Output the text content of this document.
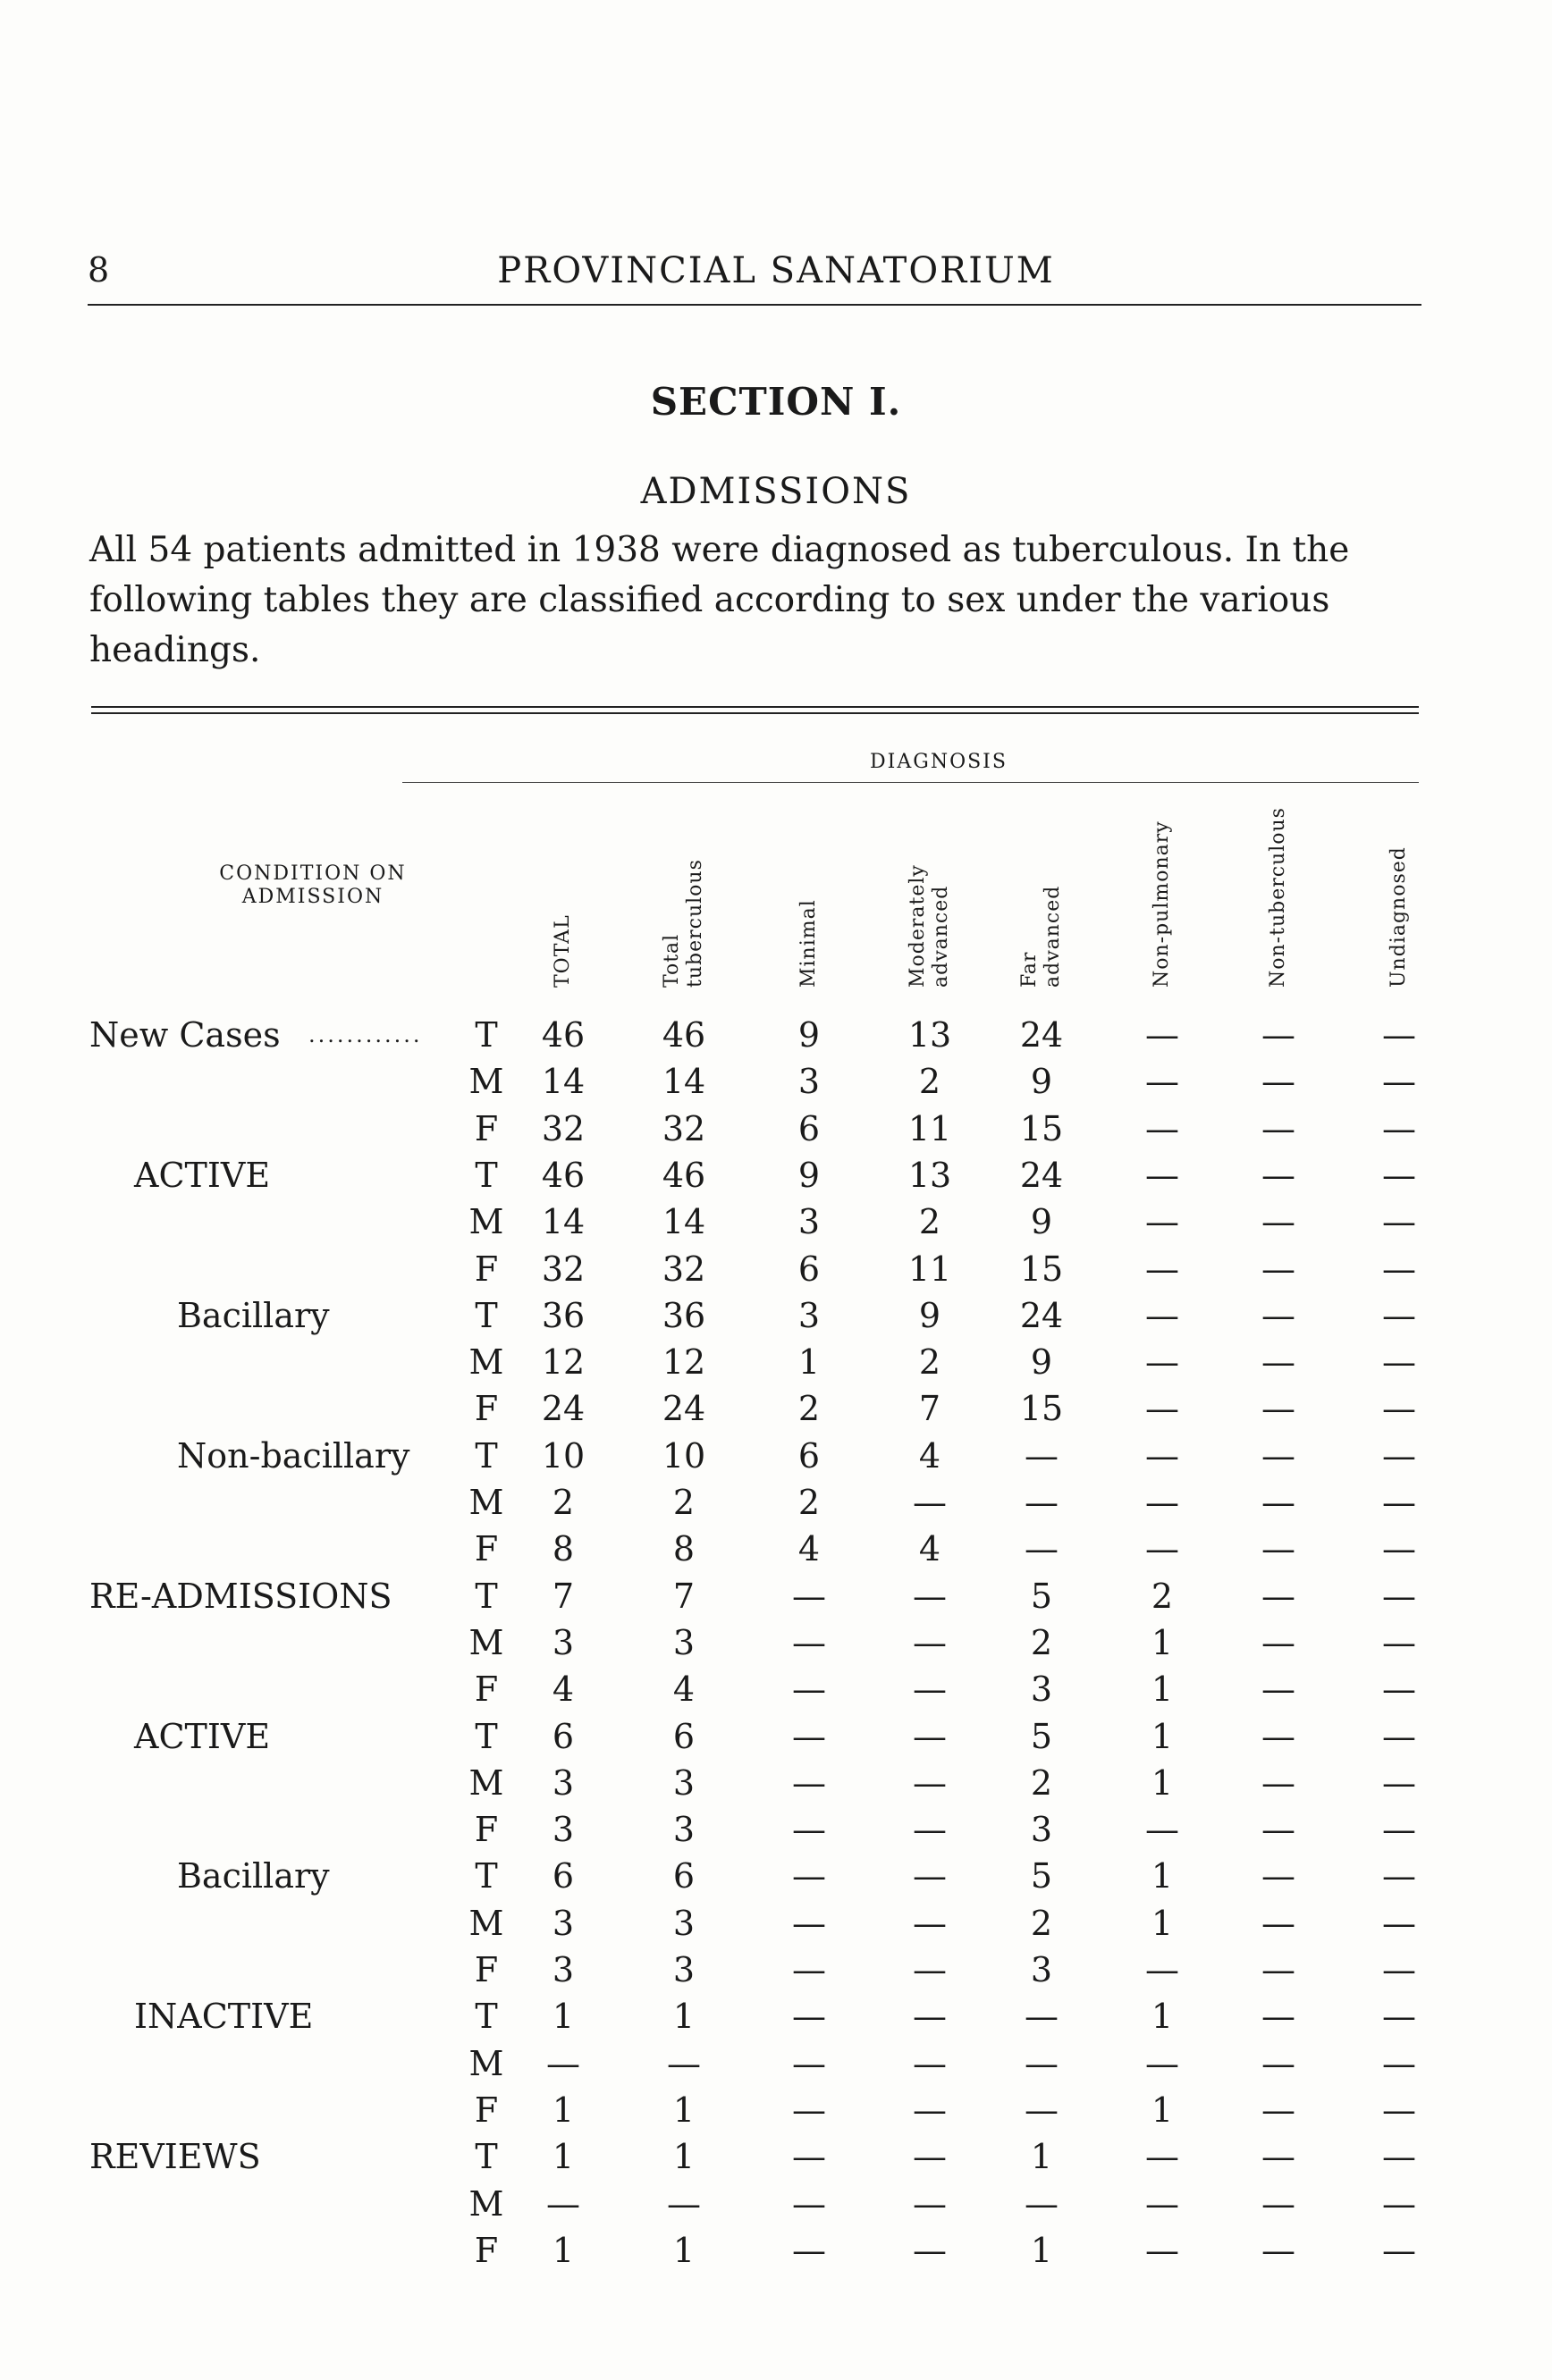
8	PROVINCIAL SANATORIUM
SECTION I.
ADMISSIONS
All 54 patients admitted in 1938 were diagnosed as tuberculous. In the following tables they are classified according to sex under the various headings.
DIAGNOSIS
CONDITION ON ADMISSION
TOTAL	Total tuberculous	Minimal	Moderately advanced	Far advanced	Non-pulmonary	Non-tuberculous	Undiagnosed
New Cases ............ T	46	46	9	13	24	—	—	—
M	14	14	3	2	9	—	—	—
F	32	32	6	11	15	—	—	—
ACTIVE	T	46	46	9	13	24	—	—	—
M	14	14	3	2	9	—	—	—
F	32	32	6	11	15	—	—	—
Bacillary	T	36	36	3	9	24	—	—	—
M	12	12	1	2	9	—	—	—
F	24	24	2	7	15	—	—	—
Non-bacillary T	10	10	6	4	—	—	—	—
M	2	2	2	—	—	—	—	—
F	8	8	4	4	—	—	—	—
RE-ADMISSIONS T	7	7	—	—	5	2	—	—
M	3	3	—	—	2	1	—	—
F	4	4	—	—	3	1	—	—
ACTIVE	T	6	6	—	—	5	1	—	—
M	3	3	—	—	2	1	—	—
F	3	3	—	—	3	—	—	—
Bacillary	T	6	6	—	—	5	1	—	—
M	3	3	—	—	2	1	—	—
F	3	3	—	—	3	—	—	—
INACTIVE	T	1	1	—	—	—	1	—	—
M	—	—	—	—	—	—	—	—
F	1	1	—	—	—	1	—	—
REVIEWS	T	1	1	—	—	1	—	—	—
M	—	—	—	—	—	—	—	—
F	1	1	—	—	1	—	—	—
